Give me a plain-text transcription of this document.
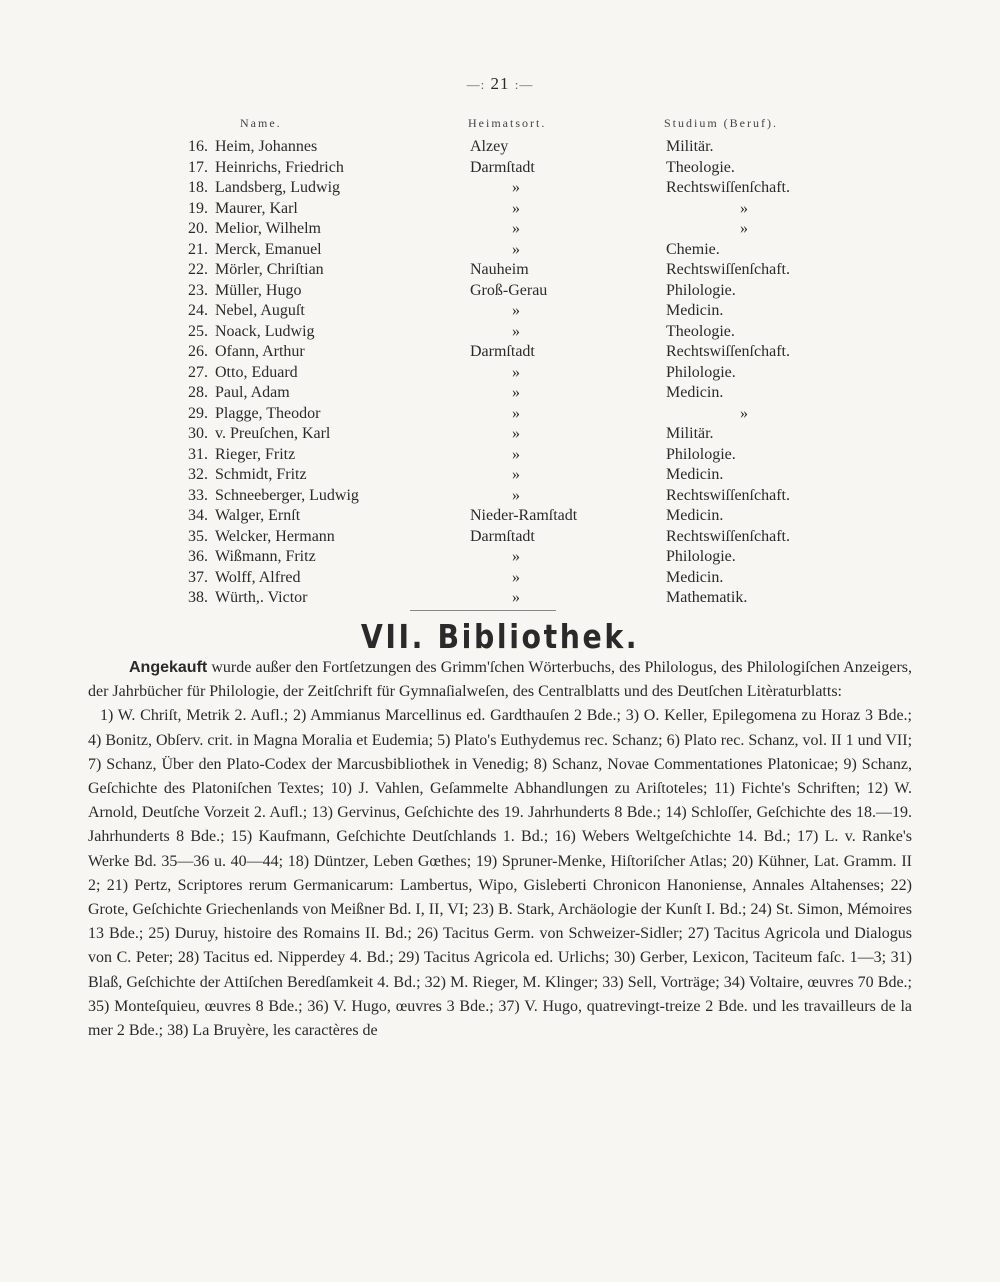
—: 21 :—
Name.	Heimatsort.	Studium (Beruf).
16. Heim, Johannes	Alzey	Militär.
17. Heinrichs, Friedrich	Darmſtadt	Theologie.
18. Landsberg, Ludwig	»	Rechtswiſſenſchaft.
19. Maurer, Karl	»	»
20. Melior, Wilhelm	»	»
21. Merck, Emanuel	»	Chemie.
22. Mörler, Chriſtian	Nauheim	Rechtswiſſenſchaft.
23. Müller, Hugo	Groß-Gerau	Philologie.
24. Nebel, Auguſt	»	Medicin.
25. Noack, Ludwig	»	Theologie.
26. Ofann, Arthur	Darmſtadt	Rechtswiſſenſchaft.
27. Otto, Eduard	»	Philologie.
28. Paul, Adam	»	Medicin.
29. Plagge, Theodor	»	»
30. v. Preuſchen, Karl	»	Militär.
31. Rieger, Fritz	»	Philologie.
32. Schmidt, Fritz	»	Medicin.
33. Schneeberger, Ludwig	»	Rechtswiſſenſchaft.
34. Walger, Ernſt	Nieder-Ramſtadt	Medicin.
35. Welcker, Hermann	Darmſtadt	Rechtswiſſenſchaft.
36. Wißmann, Fritz	»	Philologie.
37. Wolff, Alfred	»	Medicin.
38. Würth,. Victor	»	Mathematik.
VII. Bibliothek.

Angekauft wurde außer den Fortſetzungen des Grimm'ſchen Wörterbuchs, des Philologus, des Philologiſchen Anzeigers, der Jahrbücher für Philologie, der Zeitſchrift für Gymnaſialweſen, des Centralblatts und des Deutſchen Litèraturblatts:

1) W. Chriſt, Metrik 2. Aufl.; 2) Ammianus Marcellinus ed. Gardthauſen 2 Bde.; 3) O. Keller, Epilegomena zu Horaz 3 Bde.; 4) Bonitz, Obſerv. crit. in Magna Moralia et Eudemia; 5) Plato's Euthydemus rec. Schanz; 6) Plato rec. Schanz, vol. II 1 und VII; 7) Schanz, Über den Plato-Codex der Marcusbibliothek in Venedig; 8) Schanz, Novae Commentationes Platonicae; 9) Schanz, Geſchichte des Platoniſchen Textes; 10) J. Vahlen, Geſammelte Abhandlungen zu Ariſtoteles; 11) Fichte's Schriften; 12) W. Arnold, Deutſche Vorzeit 2. Aufl.; 13) Gervinus, Geſchichte des 19. Jahrhunderts 8 Bde.; 14) Schloſſer, Geſchichte des 18.—19. Jahrhunderts 8 Bde.; 15) Kaufmann, Geſchichte Deutſchlands 1. Bd.; 16) Webers Weltgeſchichte 14. Bd.; 17) L. v. Ranke's Werke Bd. 35—36 u. 40—44; 18) Düntzer, Leben Gœthes; 19) Spruner-Menke, Hiſtoriſcher Atlas; 20) Kühner, Lat. Gramm. II 2; 21) Pertz, Scriptores rerum Germanicarum: Lambertus, Wipo, Gisleberti Chronicon Hanoniense, Annales Altahenses; 22) Grote, Geſchichte Griechenlands von Meißner Bd. I, II, VI; 23) B. Stark, Archäologie der Kunſt I. Bd.; 24) St. Simon, Mémoires 13 Bde.; 25) Duruy, histoire des Romains II. Bd.; 26) Tacitus Germ. von Schweizer-Sidler; 27) Tacitus Agricola und Dialogus von C. Peter; 28) Tacitus ed. Nipperdey 4. Bd.; 29) Tacitus Agricola ed. Urlichs; 30) Gerber, Lexicon, Taciteum faſc. 1—3; 31) Blaß, Geſchichte der Attiſchen Beredſamkeit 4. Bd.; 32) M. Rieger, M. Klinger; 33) Sell, Vorträge; 34) Voltaire, œuvres 70 Bde.; 35) Monteſquieu, œuvres 8 Bde.; 36) V. Hugo, œuvres 3 Bde.; 37) V. Hugo, quatrevingt-treize 2 Bde. und les travailleurs de la mer 2 Bde.; 38) La Bruyère, les caractères de
